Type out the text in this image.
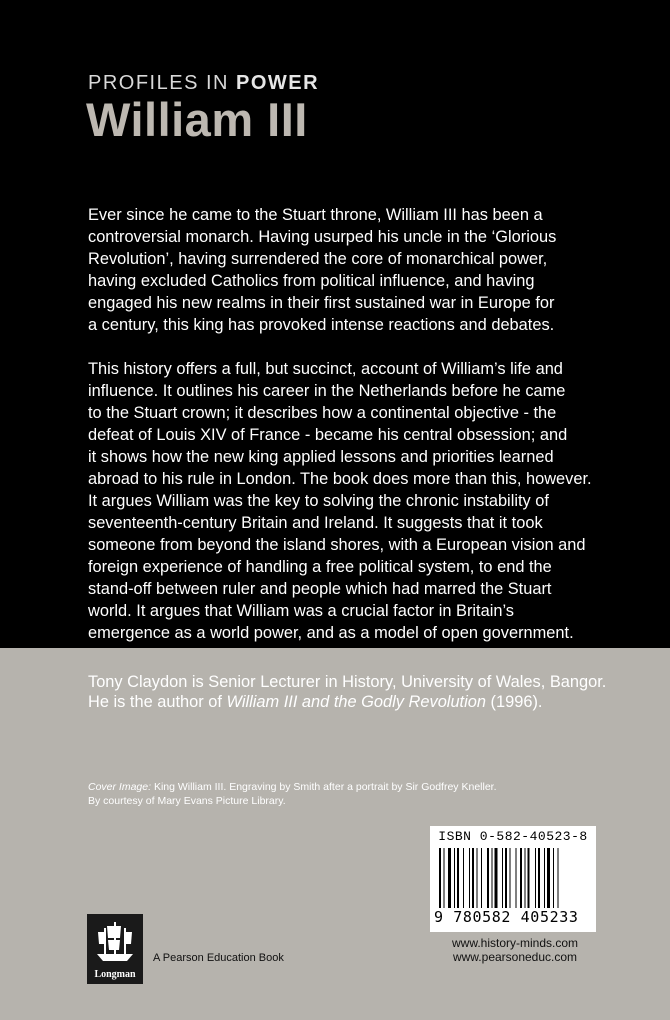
PROFILES IN POWER
William III

Ever since he came to the Stuart throne, William III has been a
controversial monarch. Having usurped his uncle in the ‘Glorious
Revolution’, having surrendered the core of monarchical power,
having excluded Catholics from political influence, and having
engaged his new realms in their first sustained war in Europe for
a century, this king has provoked intense reactions and debates.

This history offers a full, but succinct, account of William’s life and
influence. It outlines his career in the Netherlands before he came
to the Stuart crown; it describes how a continental objective - the
defeat of Louis XIV of France - became his central obsession; and
it shows how the new king applied lessons and priorities learned
abroad to his rule in London. The book does more than this, however.
It argues William was the key to solving the chronic instability of
seventeenth-century Britain and Ireland. It suggests that it took
someone from beyond the island shores, with a European vision and
foreign experience of handling a free political system, to end the
stand-off between ruler and people which had marred the Stuart
world. It argues that William was a crucial factor in Britain’s
emergence as a world power, and as a model of open government.

Tony Claydon is Senior Lecturer in History, University of Wales, Bangor.
He is the author of William III and the Godly Revolution (1996).
Cover Image: King William III. Engraving by Smith after a portrait by Sir Godfrey Kneller.
By courtesy of Mary Evans Picture Library.
ISBN 0-582-40523-8
9 780582 405233
www.history-minds.com
www.pearsoneduc.com
Longman
A Pearson Education Book
